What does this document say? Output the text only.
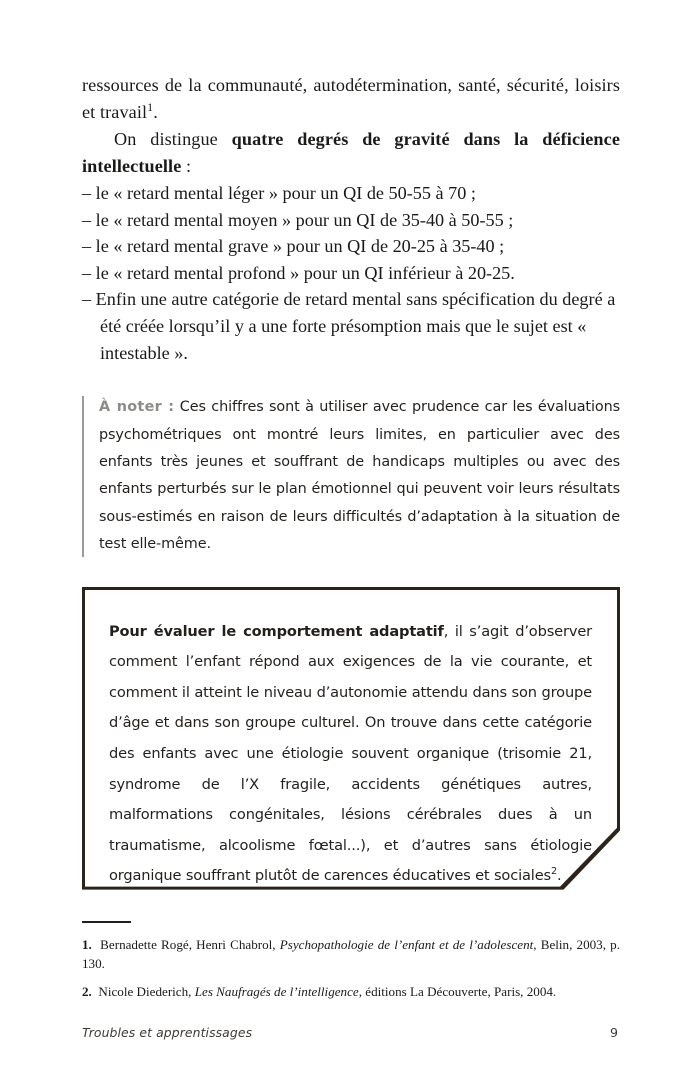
ressources de la communauté, autodétermination, santé, sécurité, loisirs et travail$^1$.

On distingue quatre degrés de gravité dans la déficience intellectuelle :

– le « retard mental léger » pour un QI de 50-55 à 70 ;
– le « retard mental moyen » pour un QI de 35-40 à 50-55 ;
– le « retard mental grave » pour un QI de 20-25 à 35-40 ;
– le « retard mental profond » pour un QI inférieur à 20-25.
– Enfin une autre catégorie de retard mental sans spécification du degré a été créée lorsqu’il y a une forte présomption mais que le sujet est « intestable ».

À noter : Ces chiffres sont à utiliser avec prudence car les évaluations psychométriques ont montré leurs limites, en particulier avec des enfants très jeunes et souffrant de handicaps multiples ou avec des enfants perturbés sur le plan émotionnel qui peuvent voir leurs résultats sous-estimés en raison de leurs difficultés d’adaptation à la situation de test elle-même.

Pour évaluer le comportement adaptatif, il s’agit d’observer comment l’enfant répond aux exigences de la vie courante, et comment il atteint le niveau d’autonomie attendu dans son groupe d’âge et dans son groupe culturel. On trouve dans cette catégorie des enfants avec une étiologie souvent organique (trisomie 21, syndrome de l’X fragile, accidents génétiques autres, malformations congénitales, lésions cérébrales dues à un traumatisme, alcoolisme fœtal...), et d’autres sans étiologie organique souffrant plutôt de carences éducatives et sociales$^2$.

1. Bernadette Rogé, Henri Chabrol, Psychopathologie de l’enfant et de l’adolescent, Belin, 2003, p. 130.

2. Nicole Diederich, Les Naufragés de l’intelligence, éditions La Découverte, Paris, 2004.

Troubles et apprentissages	9
